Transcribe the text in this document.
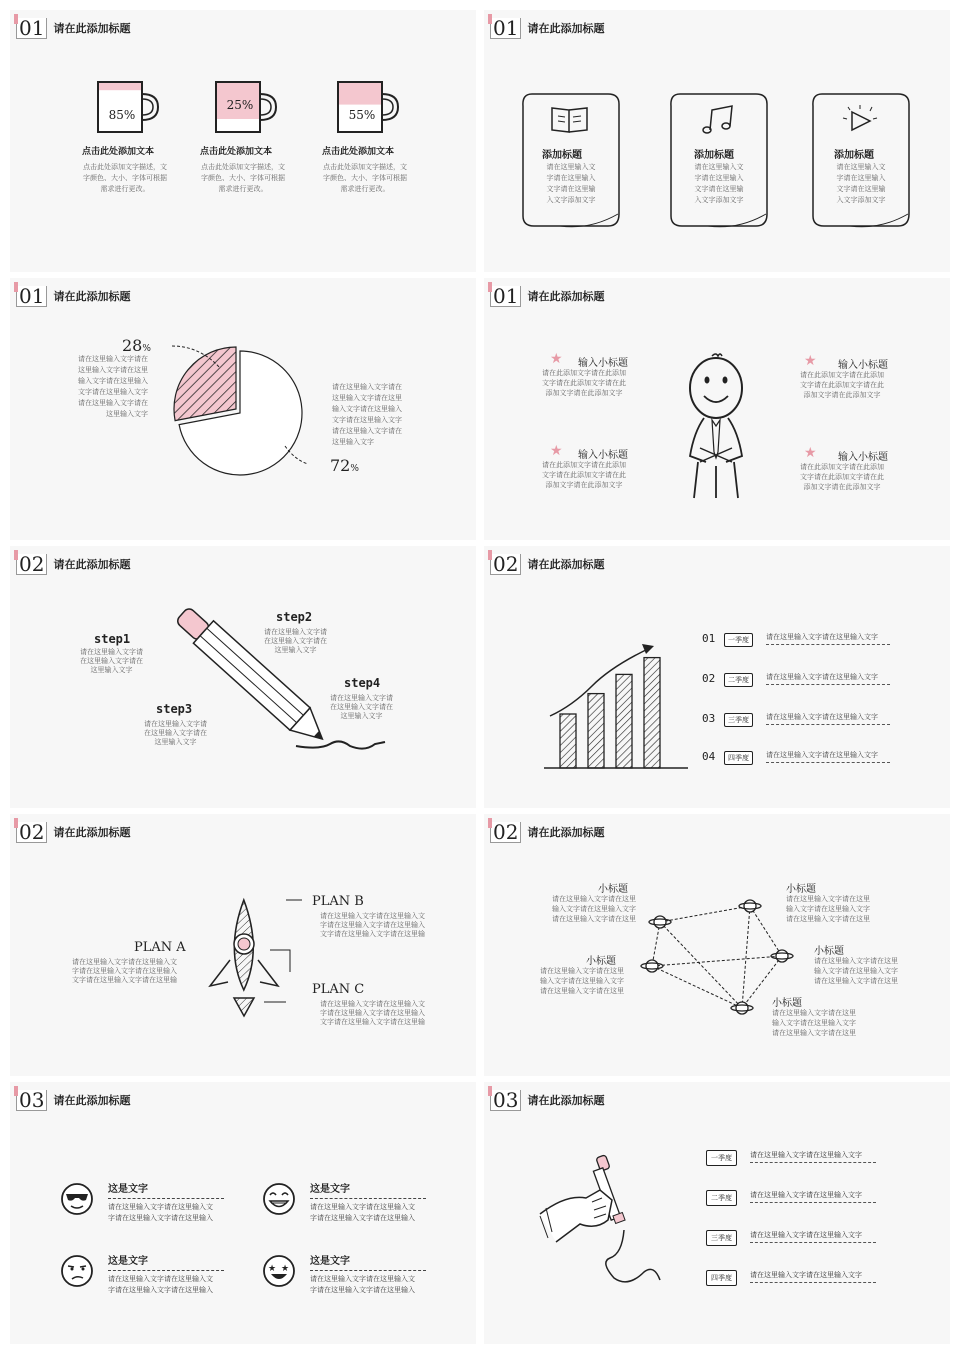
01 请在此添加标题
85%
点击此处添加文本
点击此处添加文字描述，文
字颜色、大小、字体可根据
需求进行更改。
25%
点击此处添加文本
点击此处添加文字描述，文
字颜色、大小、字体可根据
需求进行更改。
55%
点击此处添加文本
点击此处添加文字描述，文
字颜色、大小、字体可根据
需求进行更改。
01 请在此添加标题
添加标题
请在这里输入文
字请在这里输入
文字请在这里输
入文字添加文字
添加标题
请在这里输入文
字请在这里输入
文字请在这里输
入文字添加文字
添加标题
请在这里输入文
字请在这里输入
文字请在这里输
入文字添加文字
01 请在此添加标题
28%
请在这里输入文字请在
这里输入文字请在这里
输入文字请在这里输入
文字请在这里输入文字
请在这里输入文字请在
这里输入文字
请在这里输入文字请在
这里输入文字请在这里
输入文字请在这里输入
文字请在这里输入文字
请在这里输入文字请在
这里输入文字
72%
01 请在此添加标题
★ 输入小标题
请在此添加文字请在此添加
文字请在此添加文字请在此
添加文字请在此添加文字
★ 输入小标题
请在此添加文字请在此添加
文字请在此添加文字请在此
添加文字请在此添加文字
★ 输入小标题
请在此添加文字请在此添加
文字请在此添加文字请在此
添加文字请在此添加文字
★ 输入小标题
请在此添加文字请在此添加
文字请在此添加文字请在此
添加文字请在此添加文字
02 请在此添加标题
step1
请在这里输入文字请
在这里输入文字请在
这里输入文字
step2
请在这里输入文字请
在这里输入文字请在
这里输入文字
step3
请在这里输入文字请
在这里输入文字请在
这里输入文字
step4
请在这里输入文字请
在这里输入文字请在
这里输入文字
02 请在此添加标题
01	一季度	请在这里输入文字请在这里输入文字
02	二季度	请在这里输入文字请在这里输入文字
03	三季度	请在这里输入文字请在这里输入文字
04	四季度	请在这里输入文字请在这里输入文字
02 请在此添加标题
PLAN A
请在这里输入文字请在这里输入文
字请在这里输入文字请在这里输入
文字请在这里输入文字请在这里输
PLAN B
请在这里输入文字请在这里输入文
字请在这里输入文字请在这里输入
文字请在这里输入文字请在这里输
PLAN C
请在这里输入文字请在这里输入文
字请在这里输入文字请在这里输入
文字请在这里输入文字请在这里输
02 请在此添加标题
小标题
请在这里输入文字请在这里
输入文字请在这里输入文字
请在这里输入文字请在这里
小标题
请在这里输入文字请在这里
输入文字请在这里输入文字
请在这里输入文字请在这里
小标题
请在这里输入文字请在这里
输入文字请在这里输入文字
请在这里输入文字请在这里
小标题
请在这里输入文字请在这里
输入文字请在这里输入文字
请在这里输入文字请在这里
小标题
请在这里输入文字请在这里
输入文字请在这里输入文字
请在这里输入文字请在这里
03 请在此添加标题
这是文字
请在这里输入文字请在这里输入文
字请在这里输入文字请在这里输入
这是文字
请在这里输入文字请在这里输入文
字请在这里输入文字请在这里输入
这是文字
请在这里输入文字请在这里输入文
字请在这里输入文字请在这里输入
★ ★
这是文字
请在这里输入文字请在这里输入文
字请在这里输入文字请在这里输入
03 请在此添加标题
一季度	请在这里输入文字请在这里输入文字
二季度	请在这里输入文字请在这里输入文字
三季度	请在这里输入文字请在这里输入文字
四季度	请在这里输入文字请在这里输入文字
